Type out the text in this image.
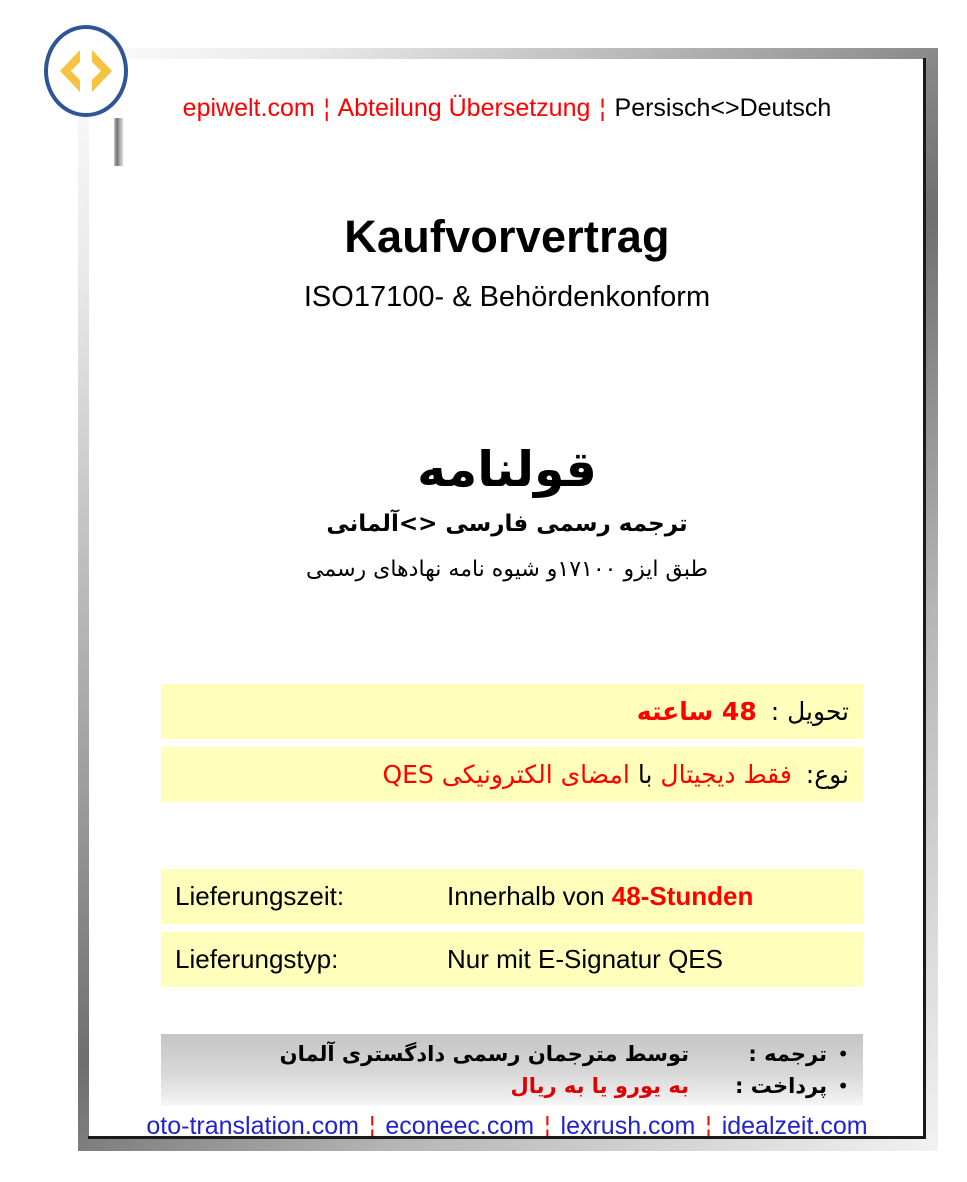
epiwelt.com ¦ Abteilung Übersetzung ¦ Persisch<>Deutsch
Kaufvorvertrag
ISO17100- & Behördenkonform
قولنامه
ترجمه رسمی فارسی <>آلمانی
طبق ایزو ۱۷۱۰۰و شیوه نامه نهادهای رسمی
تحویل :
48 ساعته
نوع:
فقط دیجیتال
با
امضای الکترونیکی QES
Lieferungszeit:	Innerhalb von 48-Stunden
Lieferungstyp:	Nur mit E-Signatur QES
•
ترجمه :
توسط مترجمان رسمی دادگستری آلمان
•
پرداخت :
به یورو یا به ریال
oto-translation.com ¦ econeec.com ¦ lexrush.com ¦ idealzeit.com
